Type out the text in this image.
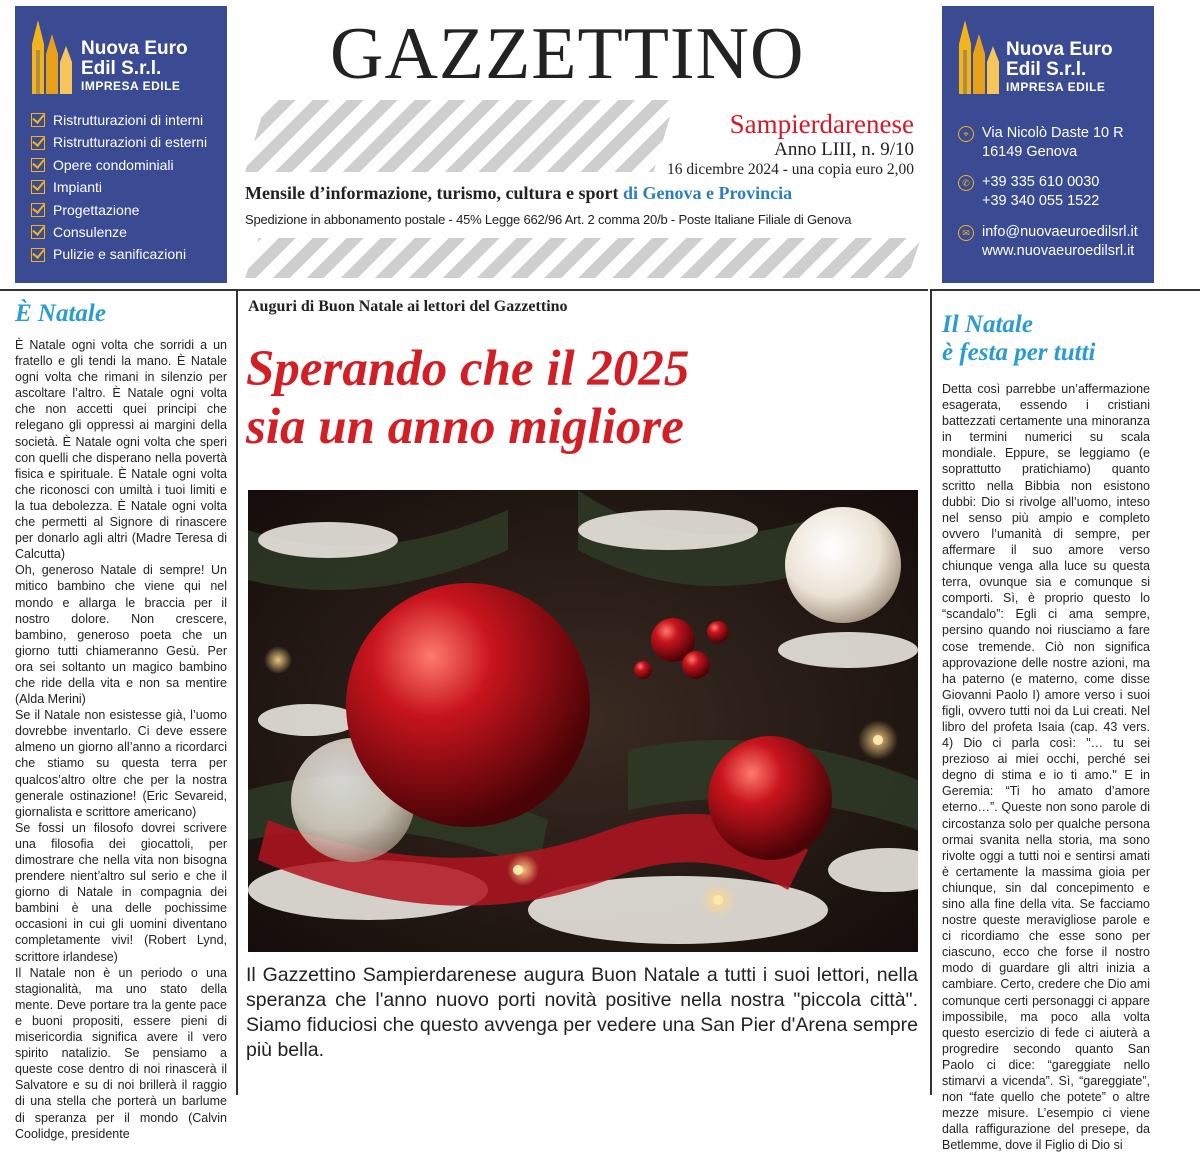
Nuova Euro
Edil S.r.l.
IMPRESA EDILE
Ristrutturazioni di interni
Ristrutturazioni di esterni
Opere condominiali
Impianti
Progettazione
Consulenze
Pulizie e sanificazioni
Nuova Euro
Edil S.r.l.
IMPRESA EDILE
⌖ Via Nicolò Daste 10 R
16149 Genova
✆ +39 335 610 0030
+39 340 055 1522
✉ info@nuovaeuroedilsrl.it
www.nuovaeuroedilsrl.it
GAZZETTINO
Sampierdarenese
Anno LIII, n. 9/10
16 dicembre 2024 - una copia euro 2,00
Mensile d’informazione, turismo, cultura e sport di Genova e Provincia
Spedizione in abbonamento postale - 45% Legge 662/96 Art. 2 comma 20/b - Poste Italiane Filiale di Genova
È Natale

È Natale ogni volta che sorridi a un fratello e gli tendi la mano. È Natale ogni volta che rimani in silenzio per ascoltare l’altro. È Natale ogni volta che non accetti quei principi che relegano gli oppressi ai margini della società. È Natale ogni volta che speri con quelli che disperano nella povertà fisica e spirituale. È Natale ogni volta che riconosci con umiltà i tuoi limiti e la tua debolezza. È Natale ogni volta che permetti al Signore di rinascere per donarlo agli altri (Madre Teresa di Calcutta)

Oh, generoso Natale di sempre! Un mitico bambino che viene qui nel mondo e allarga le braccia per il nostro dolore. Non crescere, bambino, generoso poeta che un giorno tutti chiameranno Gesù. Per ora sei soltanto un magico bambino che ride della vita e non sa mentire (Alda Merini)

Se il Natale non esistesse già, l’uomo dovrebbe inventarlo. Ci deve essere almeno un giorno all’anno a ricordarci che stiamo su questa terra per qualcos’altro oltre che per la nostra generale ostinazione! (Eric Sevareid, giornalista e scrittore americano)

Se fossi un filosofo dovrei scrivere una filosofia dei giocattoli, per dimostrare che nella vita non bisogna prendere nient’altro sul serio e che il giorno di Natale in compagnia dei bambini è una delle pochissime occasioni in cui gli uomini diventano completamente vivi! (Robert Lynd, scrittore irlandese)

Il Natale non è un periodo o una stagionalità, ma uno stato della mente. Deve portare tra la gente pace e buoni propositi, essere pieni di misericordia significa avere il vero spirito natalizio. Se pensiamo a queste cose dentro di noi rinascerà il Salvatore e su di noi brillerà il raggio di una stella che porterà un barlume di speranza per il mondo (Calvin Coolidge, presidente

Auguri di Buon Natale ai lettori del Gazzettino
Sperando che il 2025
sia un anno migliore
Il Gazzettino Sampierdarenese augura Buon Natale a tutti i suoi lettori, nella speranza che l'anno nuovo porti novità positive nella nostra "piccola città". Siamo fiduciosi che questo avvenga per vedere una San Pier d'Arena sempre più bella.
Il Natale
è festa per tutti

Detta così parrebbe un’affermazione esagerata, essendo i cristiani battezzati certamente una minoranza in termini numerici su scala mondiale. Eppure, se leggiamo (e soprattutto pratichiamo) quanto scritto nella Bibbia non esistono dubbi: Dio si rivolge all’uomo, inteso nel senso più ampio e completo ovvero l’umanità di sempre, per affermare il suo amore verso chiunque venga alla luce su questa terra, ovunque sia e comunque si comporti. Sì, è proprio questo lo “scandalo”: Egli ci ama sempre, persino quando noi riusciamo a fare cose tremende. Ciò non significa approvazione delle nostre azioni, ma ha paterno (e materno, come disse Giovanni Paolo I) amore verso i suoi figli, ovvero tutti noi da Lui creati. Nel libro del profeta Isaia (cap. 43 vers. 4) Dio ci parla così: "… tu sei prezioso ai miei occhi, perché sei degno di stima e io ti amo." E in Geremia: “Ti ho amato d’amore eterno…”. Queste non sono parole di circostanza solo per qualche persona ormai svanita nella storia, ma sono rivolte oggi a tutti noi e sentirsi amati è certamente la massima gioia per chiunque, sin dal concepimento e sino alla fine della vita. Se facciamo nostre queste meravigliose parole e ci ricordiamo che esse sono per ciascuno, ecco che forse il nostro modo di guardare gli altri inizia a cambiare. Certo, credere che Dio ami comunque certi personaggi ci appare impossibile, ma poco alla volta questo esercizio di fede ci aiuterà a progredire secondo quanto San Paolo ci dice: “gareggiate nello stimarvi a vicenda”. Sì, “gareggiate”, non “fate quello che potete” o altre mezze misure. L’esempio ci viene dalla raffigurazione del presepe, da Betlemme, dove il Figlio di Dio si
